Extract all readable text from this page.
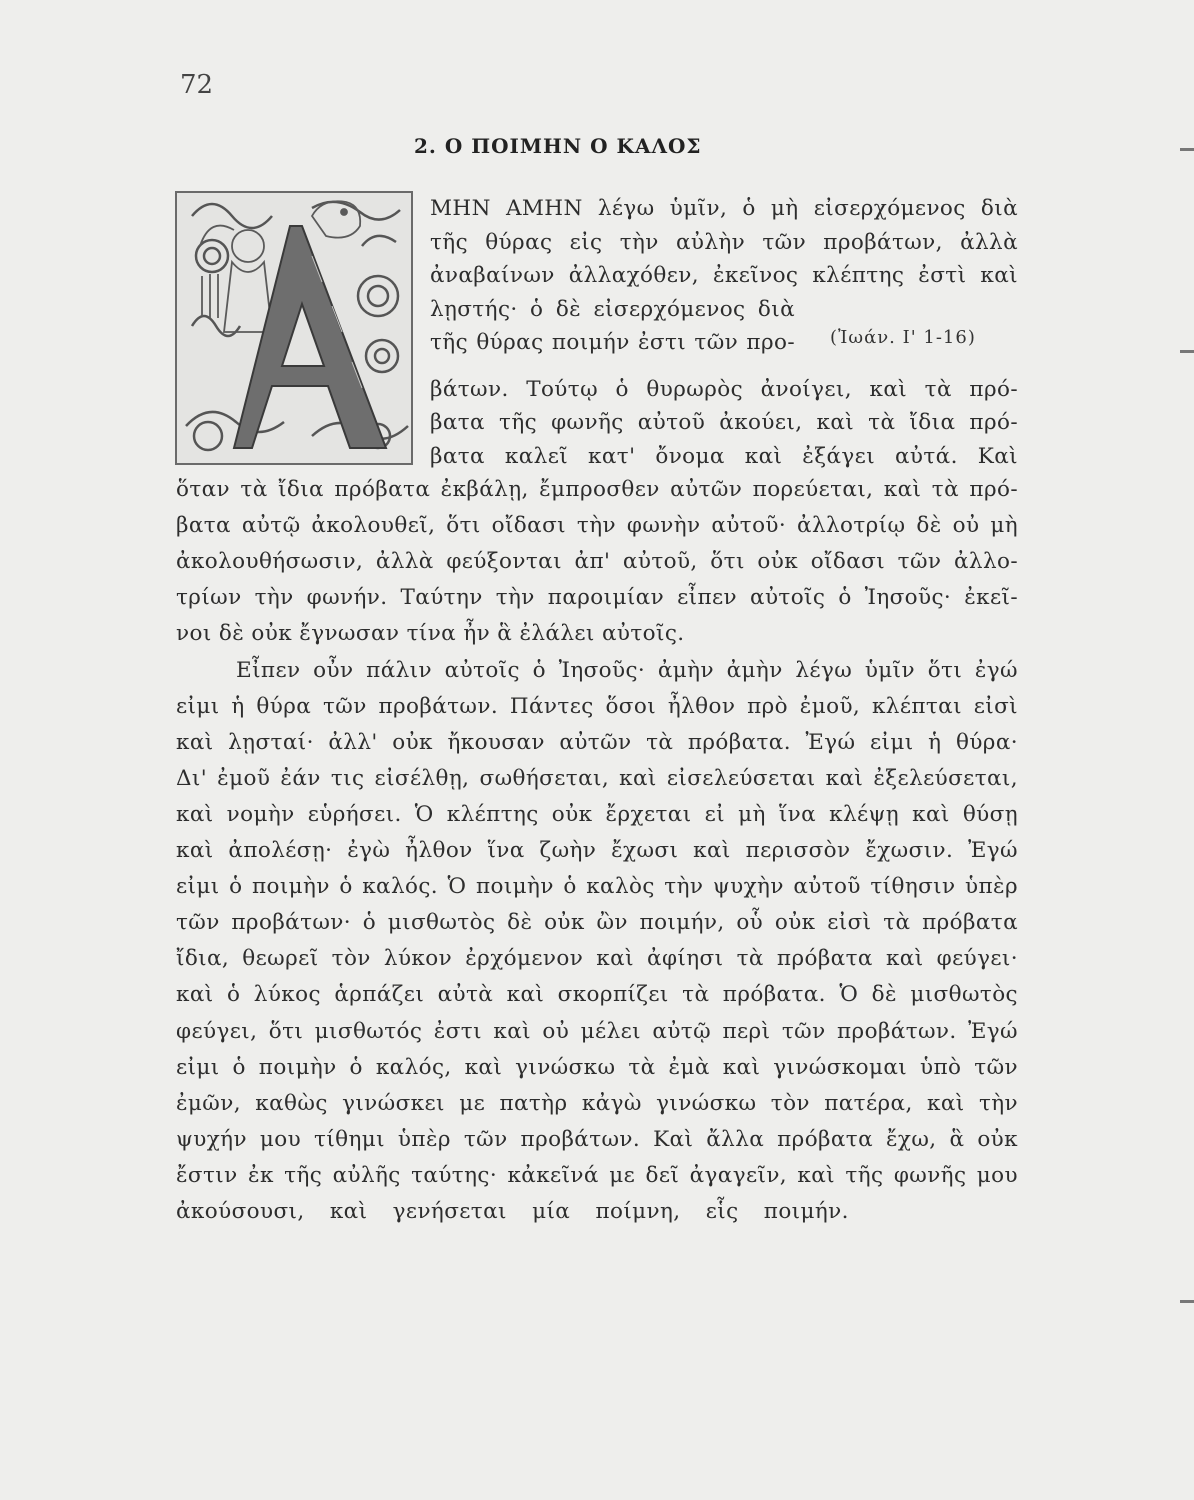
72
2. Ο ΠΟΙΜΗΝ Ο ΚΑΛΟΣ
(Ἰωάν. Ι' 1-16)
ΜΗΝ ΑΜΗΝ λέγω ὑμῖν, ὁ μὴ εἰσερχόμενος διὰ
τῆς θύρας εἰς τὴν αὐλὴν τῶν προβάτων, ἀλλὰ
ἀναβαίνων ἀλλαχόθεν, ἐκεῖνος κλέπτης ἐστὶ καὶ
λῃστής· ὁ δὲ εἰσερχόμενος διὰ
τῆς θύρας ποιμήν ἐστι τῶν προ-
βάτων. Τούτῳ ὁ θυρωρὸς ἀνοίγει, καὶ τὰ πρό-
βατα τῆς φωνῆς αὐτοῦ ἀκούει, καὶ τὰ ἴδια πρό-
βατα καλεῖ κατ' ὄνομα καὶ ἐξάγει αὐτά. Καὶ
ὅταν τὰ ἴδια πρόβατα ἐκβάλῃ, ἔμπροσθεν αὐτῶν πορεύεται, καὶ τὰ πρό-
βατα αὐτῷ ἀκολουθεῖ, ὅτι οἴδασι τὴν φωνὴν αὐτοῦ· ἀλλοτρίῳ δὲ οὐ μὴ
ἀκολουθήσωσιν, ἀλλὰ φεύξονται ἀπ' αὐτοῦ, ὅτι οὐκ οἴδασι τῶν ἀλλο-
τρίων τὴν φωνήν. Ταύτην τὴν παροιμίαν εἶπεν αὐτοῖς ὁ Ἰησοῦς· ἐκεῖ-
νοι δὲ οὐκ ἔγνωσαν τίνα ἦν ἃ ἐλάλει αὐτοῖς.
Εἶπεν οὖν πάλιν αὐτοῖς ὁ Ἰησοῦς· ἀμὴν ἀμὴν λέγω ὑμῖν ὅτι ἐγώ
εἰμι ἡ θύρα τῶν προβάτων. Πάντες ὅσοι ἦλθον πρὸ ἐμοῦ, κλέπται εἰσὶ
καὶ λῃσταί· ἀλλ' οὐκ ἤκουσαν αὐτῶν τὰ πρόβατα. Ἐγώ εἰμι ἡ θύρα·
Δι' ἐμοῦ ἐάν τις εἰσέλθῃ, σωθήσεται, καὶ εἰσελεύσεται καὶ ἐξελεύσεται,
καὶ νομὴν εὑρήσει. Ὁ κλέπτης οὐκ ἔρχεται εἰ μὴ ἵνα κλέψῃ καὶ θύσῃ
καὶ ἀπολέσῃ· ἐγὼ ἦλθον ἵνα ζωὴν ἔχωσι καὶ περισσὸν ἔχωσιν. Ἐγώ
εἰμι ὁ ποιμὴν ὁ καλός. Ὁ ποιμὴν ὁ καλὸς τὴν ψυχὴν αὐτοῦ τίθησιν ὑπὲρ
τῶν προβάτων· ὁ μισθωτὸς δὲ οὐκ ὢν ποιμήν, οὗ οὐκ εἰσὶ τὰ πρόβατα
ἴδια, θεωρεῖ τὸν λύκον ἐρχόμενον καὶ ἀφίησι τὰ πρόβατα καὶ φεύγει·
καὶ ὁ λύκος ἁρπάζει αὐτὰ καὶ σκορπίζει τὰ πρόβατα. Ὁ δὲ μισθωτὸς
φεύγει, ὅτι μισθωτός ἐστι καὶ οὐ μέλει αὐτῷ περὶ τῶν προβάτων. Ἐγώ
εἰμι ὁ ποιμὴν ὁ καλός, καὶ γινώσκω τὰ ἐμὰ καὶ γινώσκομαι ὑπὸ τῶν
ἐμῶν, καθὼς γινώσκει με πατὴρ κἀγὼ γινώσκω τὸν πατέρα, καὶ τὴν
ψυχήν μου τίθημι ὑπὲρ τῶν προβάτων. Καὶ ἄλλα πρόβατα ἔχω, ἃ οὐκ
ἔστιν ἐκ τῆς αὐλῆς ταύτης· κἀκεῖνά με δεῖ ἀγαγεῖν, καὶ τῆς φωνῆς μου
ἀκούσουσι, καὶ γενήσεται μία ποίμνη, εἷς ποιμήν.
